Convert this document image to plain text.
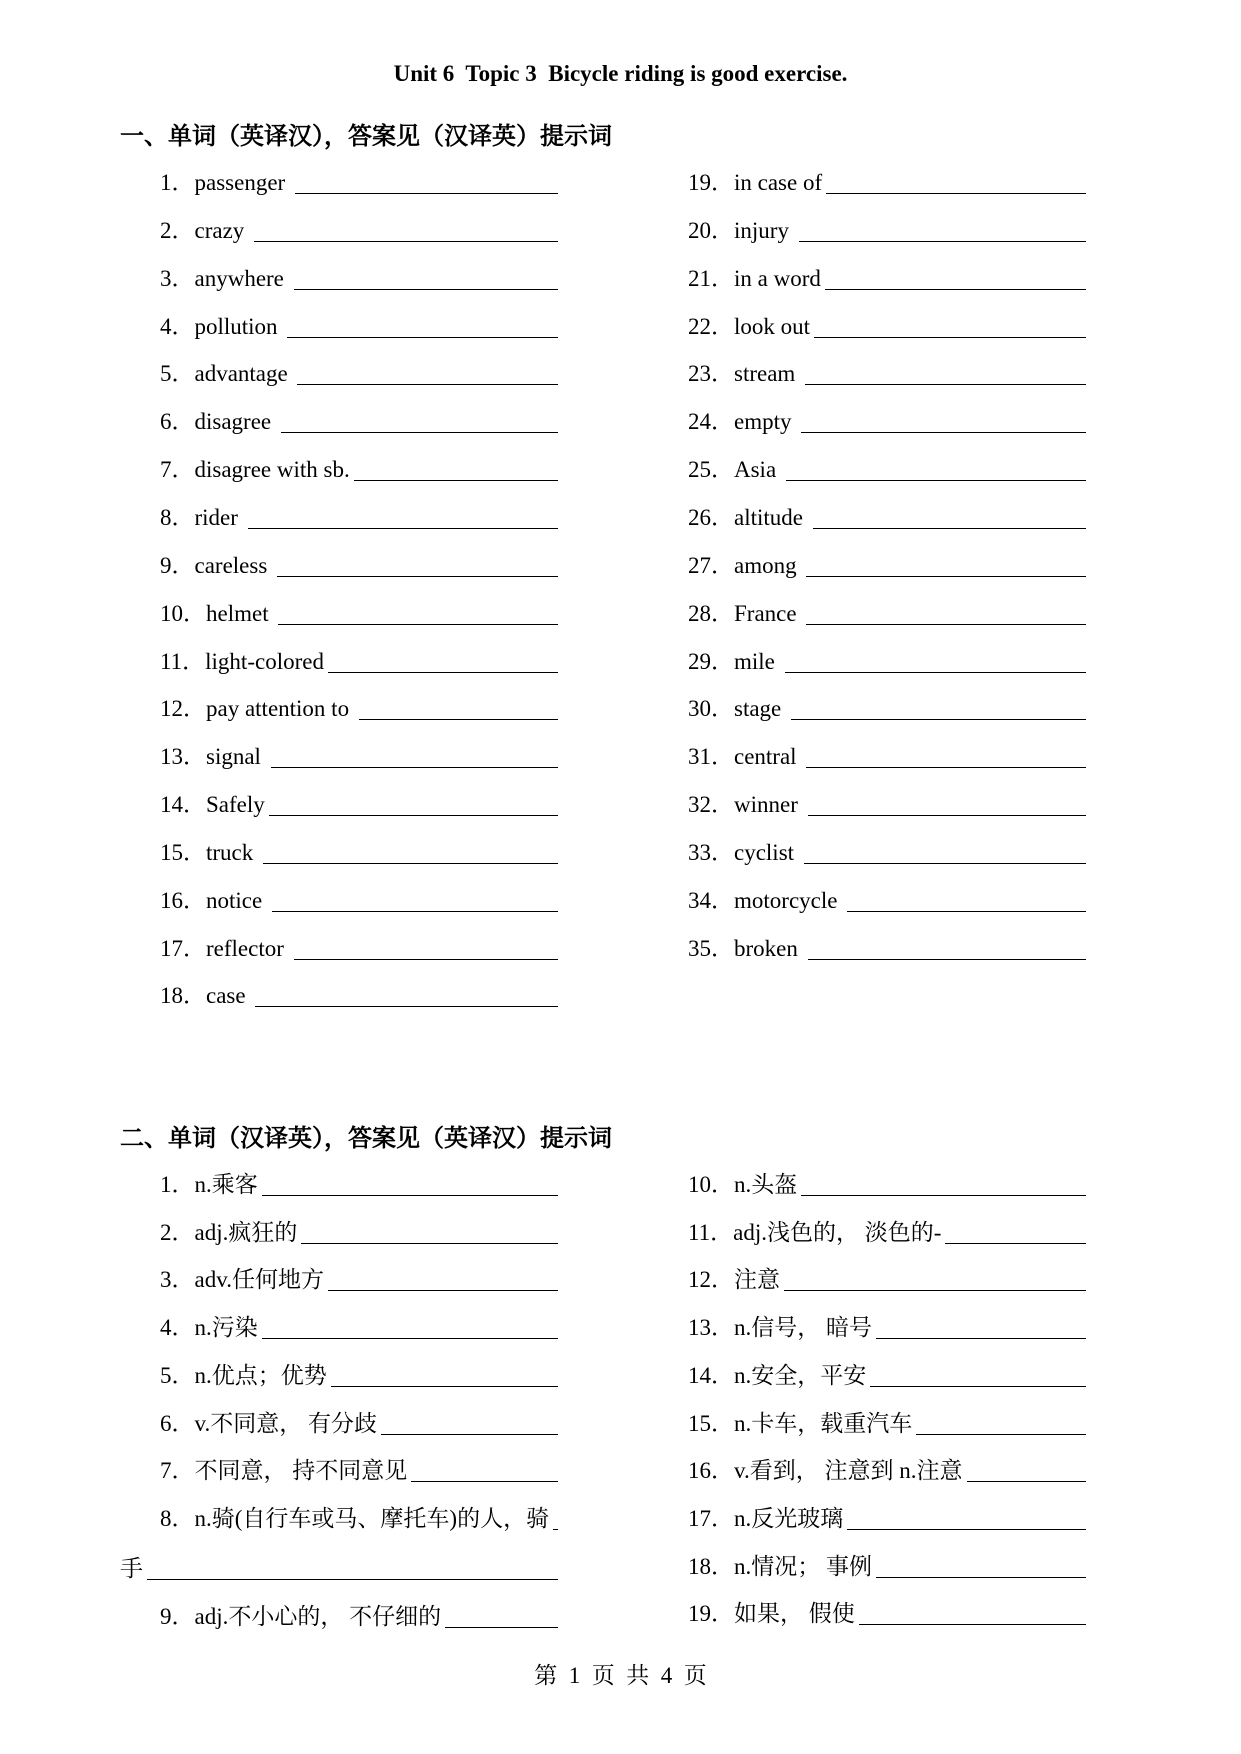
Unit 6  Topic 3  Bicycle riding is good exercise.
一、单词（英译汉），答案见（汉译英）提示词
1． passenger
2． crazy
3． anywhere
4． pollution
5． advantage
6． disagree
7． disagree with sb.
8． rider
9． careless
10． helmet
11． light-colored
12． pay attention to
13． signal
14． Safely
15． truck
16． notice
17． reflector
18． case
19． in case of
20． injury
21． in a word
22． look out
23． stream
24． empty
25． Asia
26． altitude
27． among
28． France
29． mile
30． stage
31． central
32． winner
33． cyclist
34． motorcycle
35． broken
二、单词（汉译英），答案见（英译汉）提示词
1． n.乘客
2． adj.疯狂的
3． adv.任何地方
4． n.污染
5． n.优点；优势
6． v.不同意， 有分歧
7． 不同意， 持不同意见
8． n.骑(自行车或马、摩托车)的人，骑
10． n.头盔
11． adj.浅色的， 淡色的-
12． 注意
13． n.信号， 暗号
14． n.安全，平安
15． n.卡车，载重汽车
16． v.看到， 注意到 n.注意
17． n.反光玻璃
18． n.情况； 事例
19． 如果， 假使
手
9． adj.不小心的， 不仔细的
第  1  页  共  4  页
